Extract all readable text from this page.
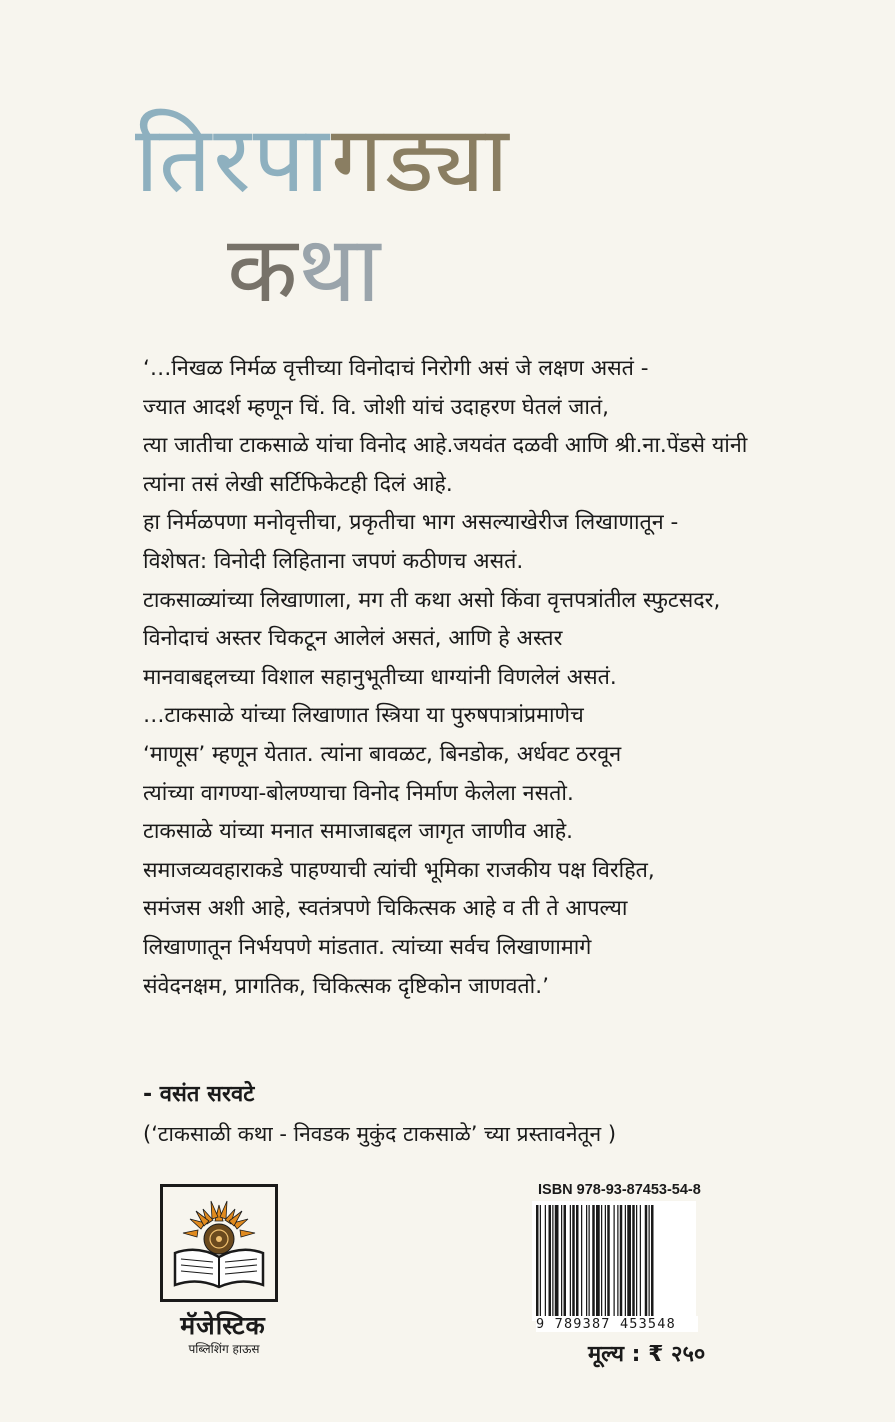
तिरपागड्या
कथा

‘…निखळ निर्मळ वृत्तीच्या विनोदाचं निरोगी असं जे लक्षण असतं -

ज्यात आदर्श म्हणून चिं. वि. जोशी यांचं उदाहरण घेतलं जातं,

त्या जातीचा टाकसाळे यांचा विनोद आहे.जयवंत दळवी आणि श्री.ना.पेंडसे यांनी

त्यांना तसं लेखी सर्टिफिकेटही दिलं आहे.

हा निर्मळपणा मनोवृत्तीचा, प्रकृतीचा भाग असल्याखेरीज लिखाणातून -

विशेषत: विनोदी लिहिताना जपणं कठीणच असतं.

टाकसाळ्यांच्या लिखाणाला, मग ती कथा असो किंवा वृत्तपत्रांतील स्फुटसदर,

विनोदाचं अस्तर चिकटून आलेलं असतं, आणि हे अस्तर

मानवाबद्दलच्या विशाल सहानुभूतीच्या धाग्यांनी विणलेलं असतं.

…टाकसाळे यांच्या लिखाणात स्त्रिया या पुरुषपात्रांप्रमाणेच

‘माणूस’ म्हणून येतात. त्यांना बावळट, बिनडोक, अर्धवट ठरवून

त्यांच्या वागण्या-बोलण्याचा विनोद निर्माण केलेला नसतो.

टाकसाळे यांच्या मनात समाजाबद्दल जागृत जाणीव आहे.

समाजव्यवहाराकडे पाहण्याची त्यांची भूमिका राजकीय पक्ष विरहित,

समंजस अशी आहे, स्वतंत्रपणे चिकित्सक आहे व ती ते आपल्या

लिखाणातून निर्भयपणे मांडतात. त्यांच्या सर्वच लिखाणामागे

संवेदनक्षम, प्रागतिक, चिकित्सक दृष्टिकोन जाणवतो.’

- वसंत सरवटे
(‘टाकसाळी कथा - निवडक मुकुंद टाकसाळे’ च्या प्रस्तावनेतून )
मॅजेस्टिक
पब्लिशिंग हाऊस
ISBN 978-93-87453-54-8
9 789387 453548
मूल्य : ₹ २५०
